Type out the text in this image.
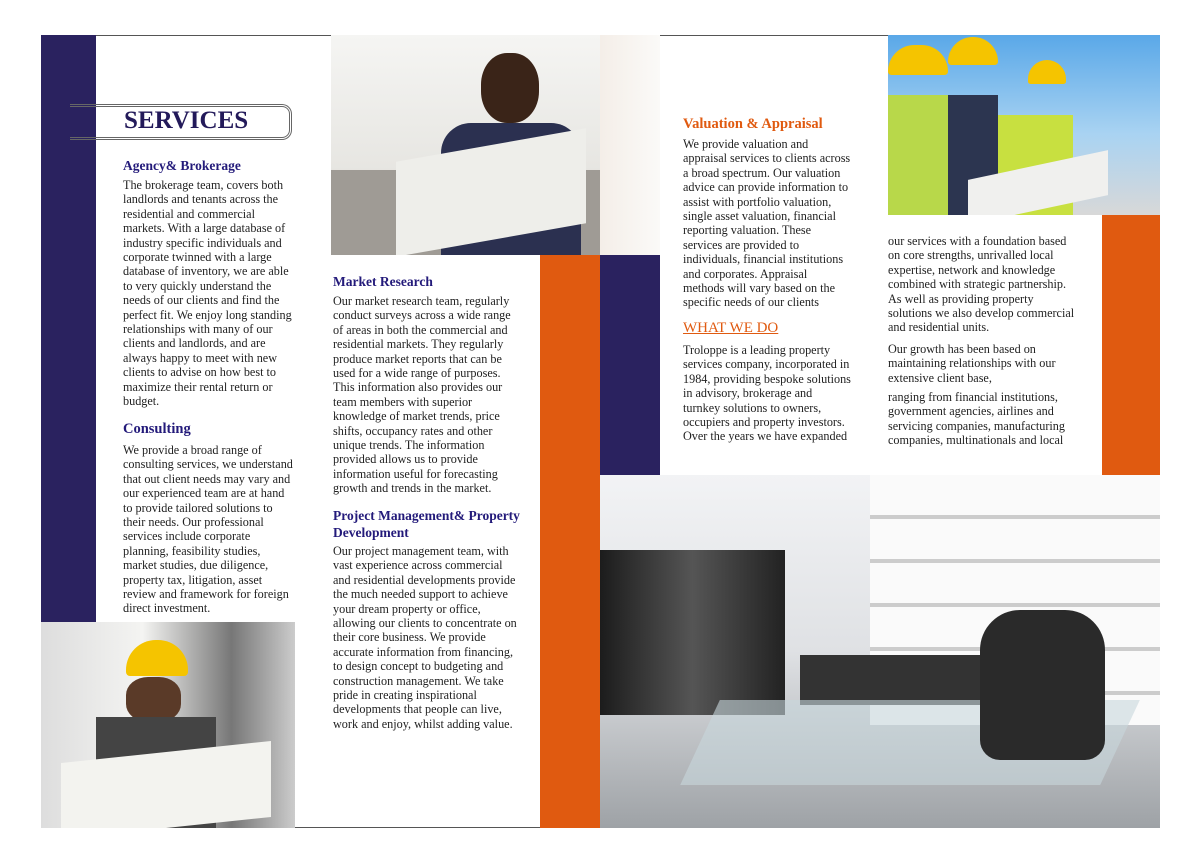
SERVICES
Agency& Brokerage
The brokerage team, covers both
landlords and tenants across the
residential and commercial
markets. With a large database of
industry specific individuals and
corporate twinned with a large
database of inventory, we are able
to very quickly understand the
needs of our clients and find the
perfect fit. We enjoy long standing
relationships with many of our
clients and landlords, and are
always happy to meet with new
clients to advise on how best to
maximize their rental return or
budget.
Consulting
We provide a broad range of
consulting services, we understand
that out client needs may vary and
our experienced team are at hand
to provide tailored solutions to
their needs. Our professional
services include corporate
planning, feasibility studies,
market studies, due diligence,
property tax, litigation, asset
review and framework for foreign
direct investment.
Market Research
Our market research team, regularly
conduct surveys across a wide range
of areas in both the commercial and
residential markets. They regularly
produce market reports that can be
used for a wide range of purposes.
This information also provides our
team members with superior
knowledge of market trends, price
shifts, occupancy rates and other
unique trends. The information
provided allows us to provide
information useful for forecasting
growth and trends in the market.
Project Management& Property
Development
Our project management team, with
vast experience across commercial
and residential developments provide
the much needed support to achieve
your dream property or office,
allowing our clients to concentrate on
their core business. We provide
accurate information from financing,
to design concept to budgeting and
construction management. We take
pride in creating inspirational
developments that people can live,
work and enjoy, whilst adding value.
Valuation & Appraisal
We provide valuation and
appraisal services to clients across
a broad spectrum. Our valuation
advice can provide information to
assist with portfolio valuation,
single asset valuation, financial
reporting valuation. These
services are provided to
individuals, financial institutions
and corporates. Appraisal
methods will vary based on the
specific needs of our clients
WHAT WE DO
Troloppe is a leading property
services company, incorporated in
1984, providing bespoke solutions
in advisory, brokerage and
turnkey solutions to owners,
occupiers and property investors.
Over the years we have expanded
our services with a foundation based
on core strengths, unrivalled local
expertise, network and knowledge
combined with strategic partnership.
As well as providing property
solutions we also develop commercial
and residential units.
Our growth has been based on
maintaining relationships with our
extensive client base,
ranging from financial institutions,
government agencies, airlines and
servicing companies, manufacturing
companies, multinationals and local
